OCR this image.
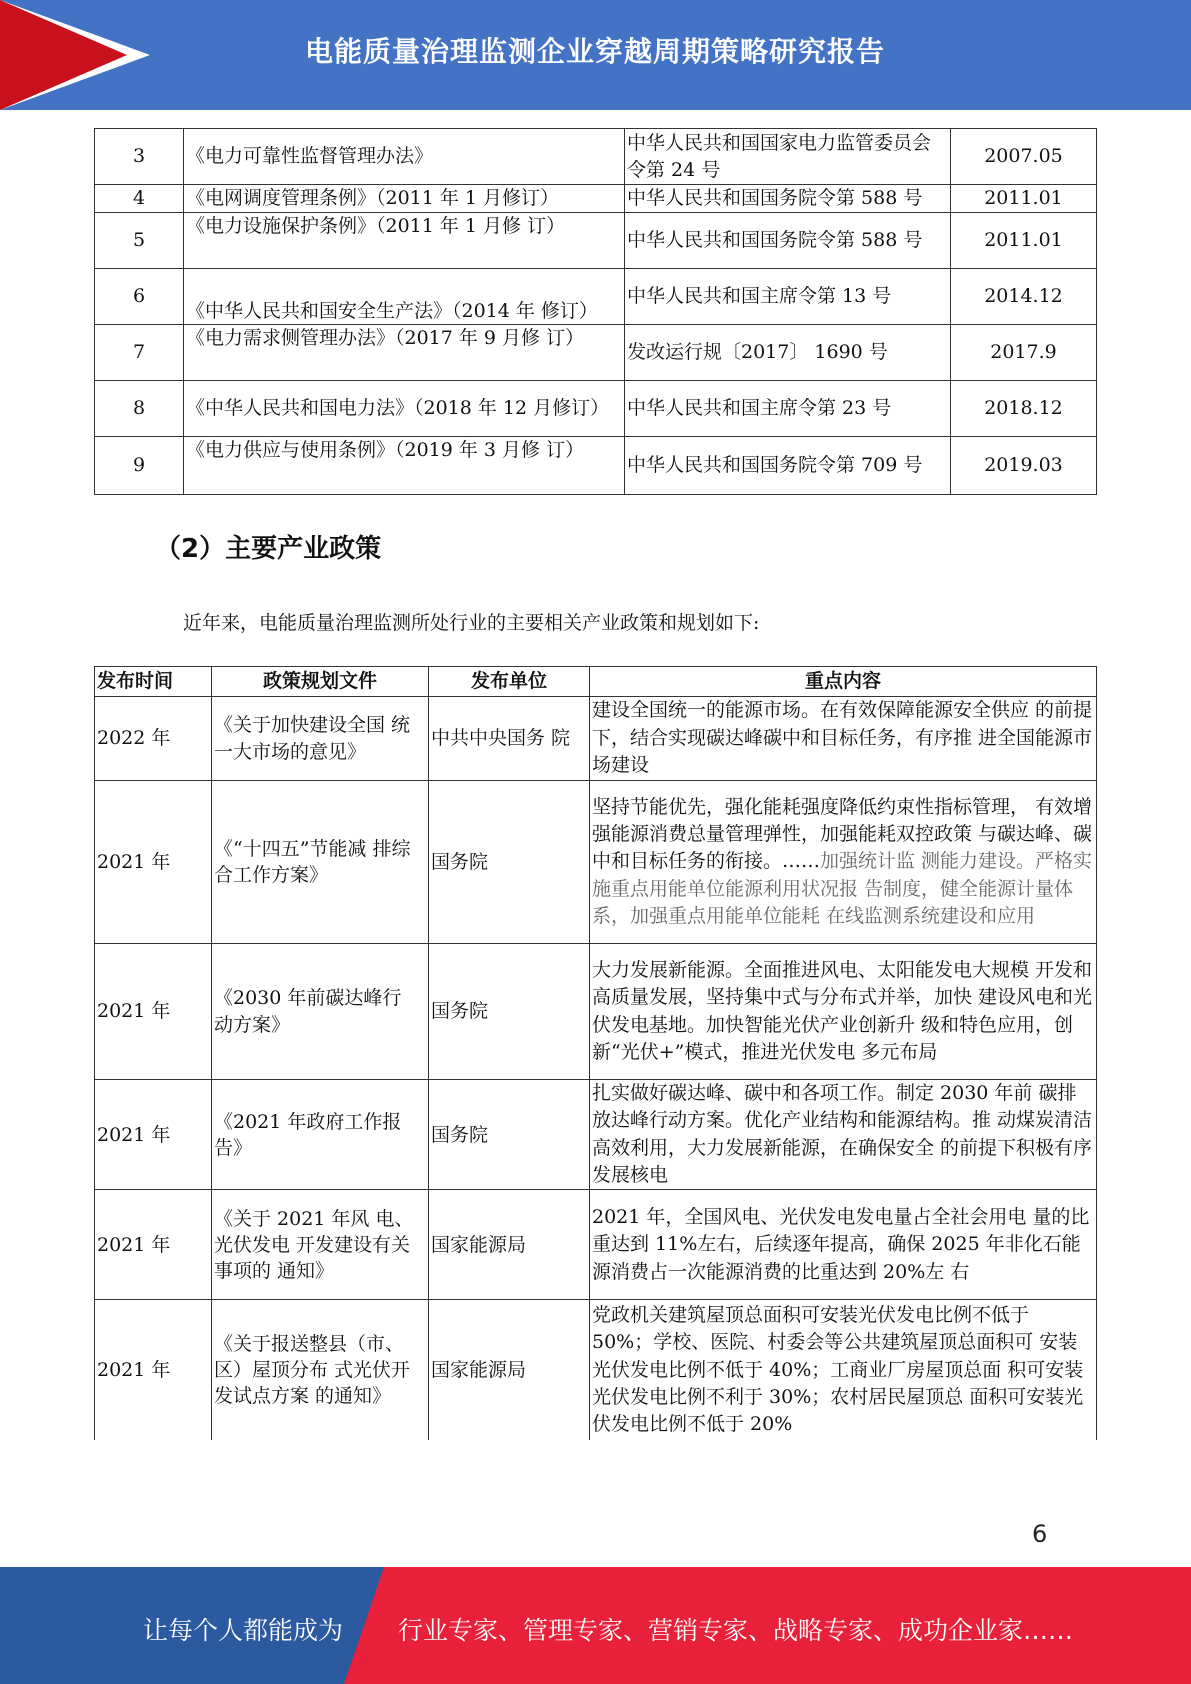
电能质量治理监测企业穿越周期策略研究报告
3	《电力可靠性监督管理办法》	中华人民共和国国家电力监管委员会令第 24 号	2007.05
4	《电网调度管理条例》（2011 年 1 月修订）	中华人民共和国国务院令第 588 号	2011.01
5	《电力设施保护条例》（2011 年 1 月修 订）	中华人民共和国国务院令第 588 号	2011.01
6	《中华人民共和国安全生产法》（2014 年 修订）	中华人民共和国主席令第 13 号	2014.12
7	《电力需求侧管理办法》（2017 年 9 月修 订）	发改运行规〔2017〕 1690 号	2017.9
8	《中华人民共和国电力法》（2018 年 12 月修订）	中华人民共和国主席令第 23 号	2018.12
9	《电力供应与使用条例》（2019 年 3 月修 订）	中华人民共和国国务院令第 709 号	2019.03
（2）主要产业政策
近年来，电能质量治理监测所处行业的主要相关产业政策和规划如下:
发布时间	政策规划文件	发布单位	重点内容
2022 年	《关于加快建设全国 统一大市场的意见》	中共中央国务 院	建设全国统一的能源市场。在有效保障能源安全供应 的前提下，结合实现碳达峰碳中和目标任务，有序推 进全国能源市场建设
2021 年	《“十四五”节能减 排综合工作方案》	国务院	坚持节能优先，强化能耗强度降低约束性指标管理， 有效增强能源消费总量管理弹性，加强能耗双控政策 与碳达峰、碳中和目标任务的衔接。……加强统计监 测能力建设。严格实施重点用能单位能源利用状况报 告制度，健全能源计量体系，加强重点用能单位能耗 在线监测系统建设和应用
2021 年	《2030 年前碳达峰行 动方案》	国务院	大力发展新能源。全面推进风电、太阳能发电大规模 开发和高质量发展，坚持集中式与分布式并举，加快 建设风电和光伏发电基地。加快智能光伏产业创新升 级和特色应用，创新“光伏+”模式，推进光伏发电 多元布局
2021 年	《2021 年政府工作报告》	国务院	扎实做好碳达峰、碳中和各项工作。制定 2030 年前 碳排放达峰行动方案。优化产业结构和能源结构。推 动煤炭清洁高效利用，大力发展新能源，在确保安全 的前提下积极有序发展核电
2021 年	《关于 2021 年风 电、光伏发电 开发建设有关事项的 通知》	国家能源局	2021 年，全国风电、光伏发电发电量占全社会用电 量的比重达到 11%左右，后续逐年提高，确保 2025 年非化石能源消费占一次能源消费的比重达到 20%左 右
2021 年	《关于报送整县（市、区）屋顶分布 式光伏开发试点方案 的通知》	国家能源局	党政机关建筑屋顶总面积可安装光伏发电比例不低于 50%；学校、医院、村委会等公共建筑屋顶总面积可 安装光伏发电比例不低于 40%；工商业厂房屋顶总面 积可安装光伏发电比例不利于 30%；农村居民屋顶总 面积可安装光伏发电比例不低于 20%
6
让每个人都能成为 行业专家、管理专家、营销专家、战略专家、成功企业家……
